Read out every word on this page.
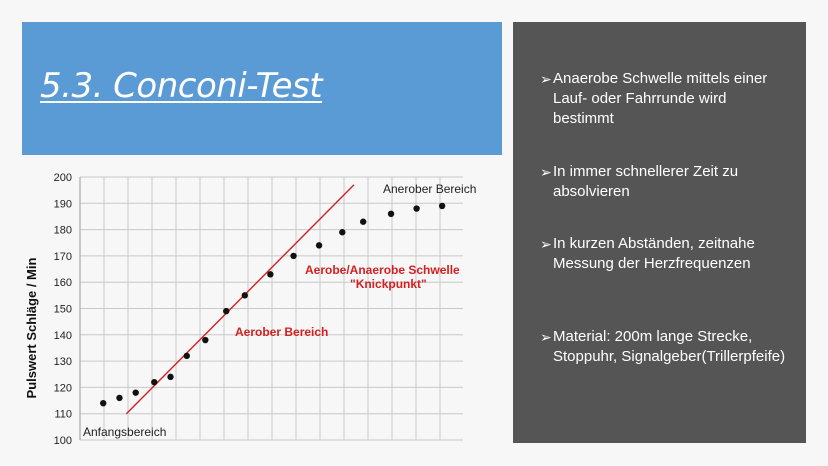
5.3. Conconi-Test	➢ Anaerobe Schwelle mittels einer Lauf- oder Fahrrunde wird bestimmt
➢ In immer schnellerer Zeit zu absolvieren
➢ In kurzen Abständen, zeitnahe Messung der Herzfrequenzen
➢ Material: 200m lange Strecke, Stoppuhr, Signalgeber(Trillerpfeife)
100
110
120
130
140
150
160
170
180
190
200
Pulswert Schläge / Min
Anerober Bereich
Aerobe/Anaerobe Schwelle
"Knickpunkt"
Aerober Bereich
Anfangsbereich
